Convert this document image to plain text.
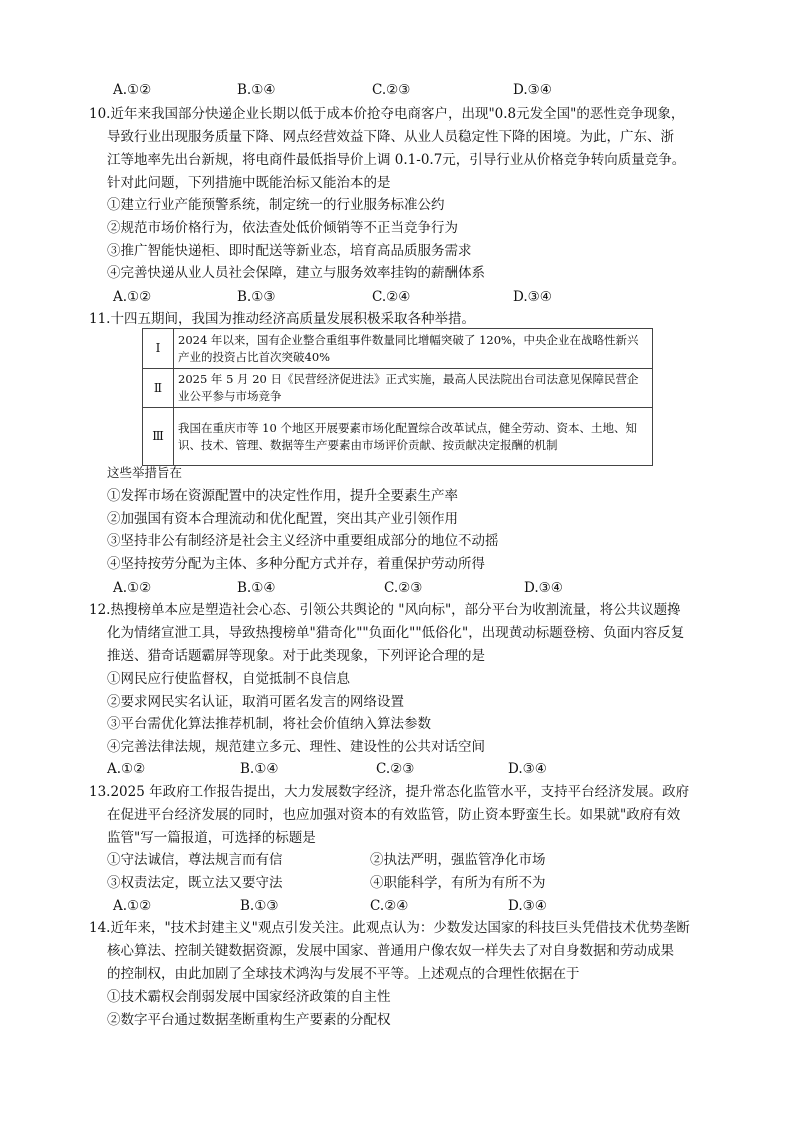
A.①②	B.①④	C.②③	D.③④
10.近年来我国部分快递企业长期以低于成本价抢夺电商客户，出现"0.8元发全国"的恶性竞争现象，
导致行业出现服务质量下降、网点经营效益下降、从业人员稳定性下降的困境。为此，广东、浙
江等地率先出台新规，将电商件最低指导价上调 0.1-0.7元，引导行业从价格竞争转向质量竞争。
针对此问题，下列措施中既能治标又能治本的是
①建立行业产能预警系统，制定统一的行业服务标准公约
②规范市场价格行为，依法查处低价倾销等不正当竞争行为
③推广智能快递柜、即时配送等新业态，培育高品质服务需求
④完善快递从业人员社会保障，建立与服务效率挂钩的薪酬体系
A.①②	B.①③	C.②④	D.③④
11.十四五期间，我国为推动经济高质量发展积极采取各种举措。
Ⅰ	2024 年以来，国有企业整合重组事件数量同比增幅突破了 120%，中央企业在战略性新兴产业的投资占比首次突破40%
Ⅱ	2025 年 5 月 20 日《民营经济促进法》正式实施，最高人民法院出台司法意见保障民营企业公平参与市场竞争
Ⅲ	我国在重庆市等 10 个地区开展要素市场化配置综合改革试点，健全劳动、资本、土地、知识、技术、管理、数据等生产要素由市场评价贡献、按贡献决定报酬的机制
这些举措旨在
①发挥市场在资源配置中的决定性作用，提升全要素生产率
②加强国有资本合理流动和优化配置，突出其产业引领作用
③坚持非公有制经济是社会主义经济中重要组成部分的地位不动摇
④坚持按劳分配为主体、多种分配方式并存，着重保护劳动所得
A.①②	B.①④	C.②③	D.③④
12.热搜榜单本应是塑造社会心态、引领公共舆论的 "风向标"，部分平台为收割流量，将公共议题搀
化为情绪宣泄工具，导致热搜榜单"猎奇化""负面化""低俗化"，出现黄动标题登榜、负面内容反复
推送、猎奇话题霸屏等现象。对于此类现象，下列评论合理的是
①网民应行使监督权，自觉抵制不良信息
②要求网民实名认证，取消可匿名发言的网络设置
③平台需优化算法推荐机制，将社会价值纳入算法参数
④完善法律法规，规范建立多元、理性、建设性的公共对话空间
A.①②	B.①④	C.②③	D.③④
13.2025 年政府工作报告提出，大力发展数字经济，提升常态化监管水平，支持平台经济发展。政府
在促进平台经济发展的同时，也应加强对资本的有效监管，防止资本野蛮生长。如果就"政府有效
监管"写一篇报道，可选择的标题是
①守法诚信，尊法规言而有信	②执法严明，强监管净化市场
③权责法定，既立法又要守法	④职能科学，有所为有所不为
A.①②	B.①③	C.②④	D.③④
14.近年来，"技术封建主义"观点引发关注。此观点认为：少数发达国家的科技巨头凭借技术优势垄断
核心算法、控制关键数据资源，发展中国家、普通用户像农奴一样失去了对自身数据和劳动成果
的控制权，由此加剧了全球技术鸿沟与发展不平等。上述观点的合理性依据在于
①技术霸权会削弱发展中国家经济政策的自主性
②数字平台通过数据垄断重构生产要素的分配权
